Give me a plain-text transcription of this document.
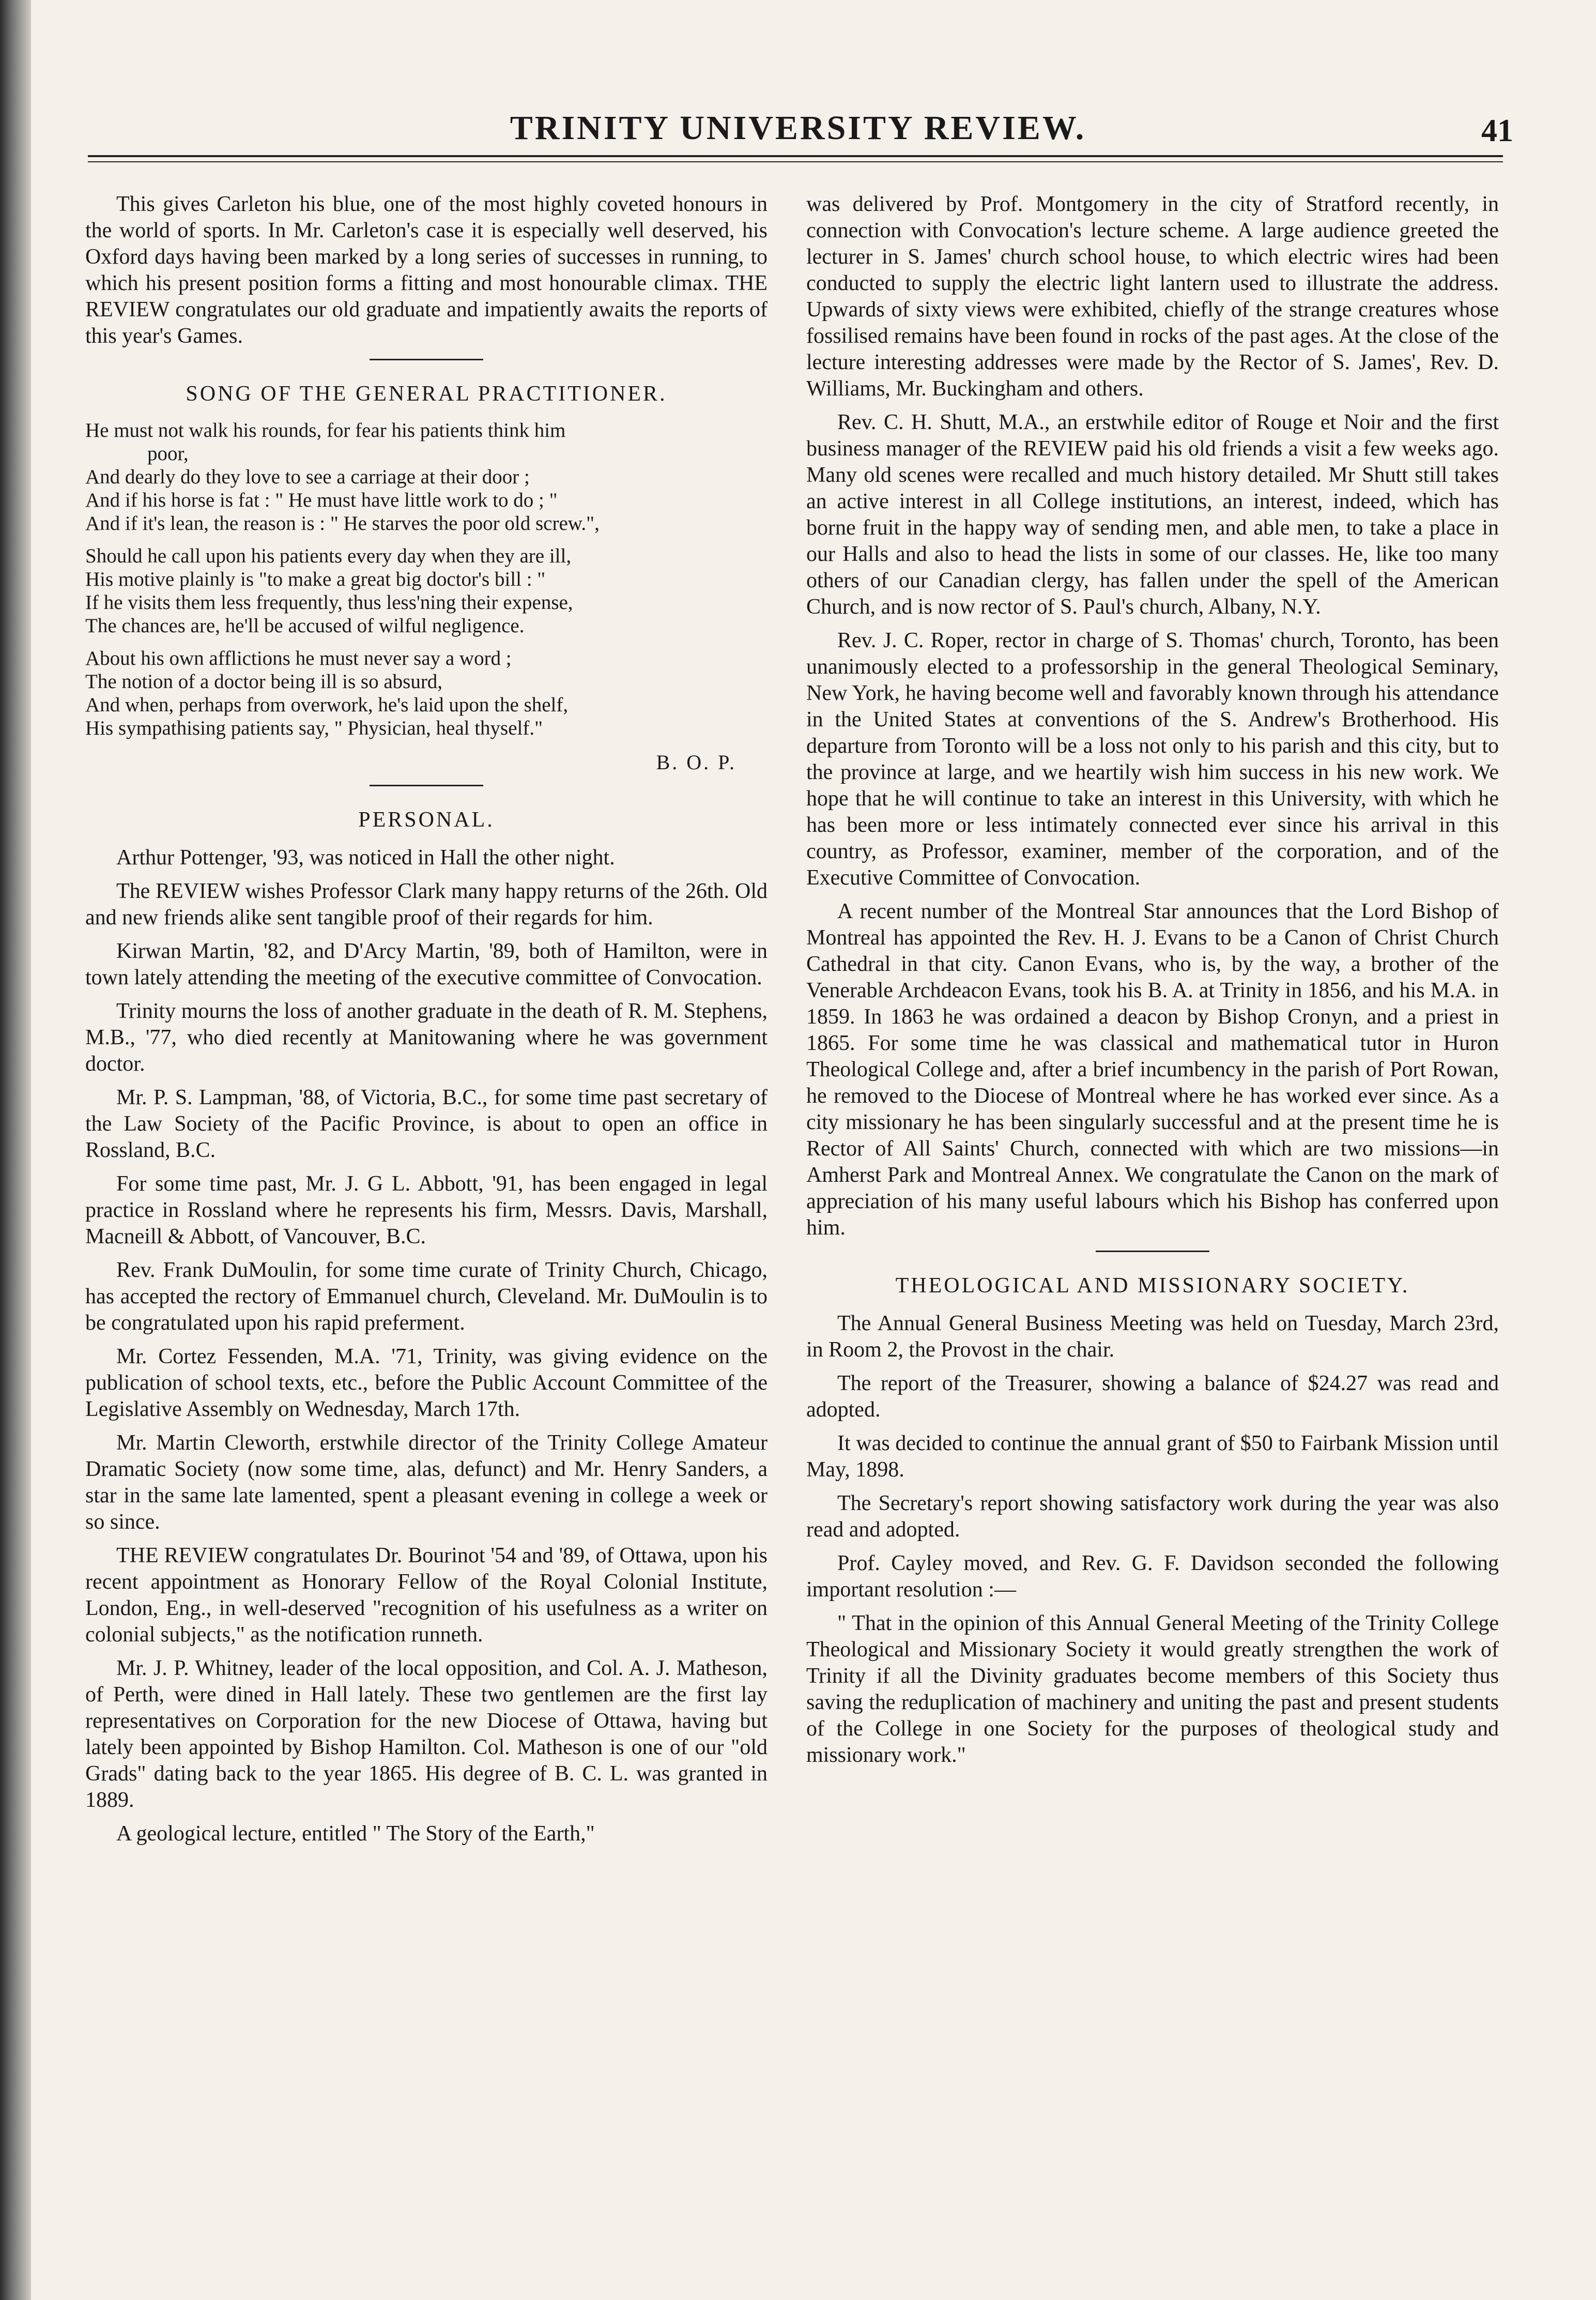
TRINITY UNIVERSITY REVIEW.	41

This gives Carleton his blue, one of the most highly coveted honours in the world of sports. In Mr. Carleton's case it is especially well deserved, his Oxford days having been marked by a long series of successes in running, to which his present position forms a fitting and most honourable climax. THE REVIEW congratulates our old graduate and impatiently awaits the reports of this year's Games.

SONG OF THE GENERAL PRACTITIONER.
He must not walk his rounds, for fear his patients think him
poor,
And dearly do they love to see a carriage at their door ;
And if his horse is fat : " He must have little work to do ; "
And if it's lean, the reason is : " He starves the poor old screw.",
Should he call upon his patients every day when they are ill,
His motive plainly is "to make a great big doctor's bill : "
If he visits them less frequently, thus less'ning their expense,
The chances are, he'll be accused of wilful negligence.
About his own afflictions he must never say a word ;
The notion of a doctor being ill is so absurd,
And when, perhaps from overwork, he's laid upon the shelf,
His sympathising patients say, " Physician, heal thyself."
B. O. P.
PERSONAL.

Arthur Pottenger, '93, was noticed in Hall the other night.

The REVIEW wishes Professor Clark many happy returns of the 26th. Old and new friends alike sent tangible proof of their regards for him.

Kirwan Martin, '82, and D'Arcy Martin, '89, both of Hamilton, were in town lately attending the meeting of the executive committee of Convocation.

Trinity mourns the loss of another graduate in the death of R. M. Stephens, M.B., '77, who died recently at Manitowaning where he was government doctor.

Mr. P. S. Lampman, '88, of Victoria, B.C., for some time past secretary of the Law Society of the Pacific Province, is about to open an office in Rossland, B.C.

For some time past, Mr. J. G L. Abbott, '91, has been engaged in legal practice in Rossland where he represents his firm, Messrs. Davis, Marshall, Macneill & Abbott, of Vancouver, B.C.

Rev. Frank DuMoulin, for some time curate of Trinity Church, Chicago, has accepted the rectory of Emmanuel church, Cleveland. Mr. DuMoulin is to be congratulated upon his rapid preferment.

Mr. Cortez Fessenden, M.A. '71, Trinity, was giving evidence on the publication of school texts, etc., before the Public Account Committee of the Legislative Assembly on Wednesday, March 17th.

Mr. Martin Cleworth, erstwhile director of the Trinity College Amateur Dramatic Society (now some time, alas, defunct) and Mr. Henry Sanders, a star in the same late lamented, spent a pleasant evening in college a week or so since.

THE REVIEW congratulates Dr. Bourinot '54 and '89, of Ottawa, upon his recent appointment as Honorary Fellow of the Royal Colonial Institute, London, Eng., in well-deserved "recognition of his usefulness as a writer on colonial subjects," as the notification runneth.

Mr. J. P. Whitney, leader of the local opposition, and Col. A. J. Matheson, of Perth, were dined in Hall lately. These two gentlemen are the first lay representatives on Corporation for the new Diocese of Ottawa, having but lately been appointed by Bishop Hamilton. Col. Matheson is one of our "old Grads" dating back to the year 1865. His degree of B. C. L. was granted in 1889.

A geological lecture, entitled " The Story of the Earth,"

was delivered by Prof. Montgomery in the city of Stratford recently, in connection with Convocation's lecture scheme. A large audience greeted the lecturer in S. James' church school house, to which electric wires had been conducted to supply the electric light lantern used to illustrate the address. Upwards of sixty views were exhibited, chiefly of the strange creatures whose fossilised remains have been found in rocks of the past ages. At the close of the lecture interesting addresses were made by the Rector of S. James', Rev. D. Williams, Mr. Buckingham and others.

Rev. C. H. Shutt, M.A., an erstwhile editor of Rouge et Noir and the first business manager of the REVIEW paid his old friends a visit a few weeks ago. Many old scenes were recalled and much history detailed. Mr Shutt still takes an active interest in all College institutions, an interest, indeed, which has borne fruit in the happy way of sending men, and able men, to take a place in our Halls and also to head the lists in some of our classes. He, like too many others of our Canadian clergy, has fallen under the spell of the American Church, and is now rector of S. Paul's church, Albany, N.Y.

Rev. J. C. Roper, rector in charge of S. Thomas' church, Toronto, has been unanimously elected to a professorship in the general Theological Seminary, New York, he having become well and favorably known through his attendance in the United States at conventions of the S. Andrew's Brotherhood. His departure from Toronto will be a loss not only to his parish and this city, but to the province at large, and we heartily wish him success in his new work. We hope that he will continue to take an interest in this University, with which he has been more or less intimately connected ever since his arrival in this country, as Professor, examiner, member of the corporation, and of the Executive Committee of Convocation.

A recent number of the Montreal Star announces that the Lord Bishop of Montreal has appointed the Rev. H. J. Evans to be a Canon of Christ Church Cathedral in that city. Canon Evans, who is, by the way, a brother of the Venerable Archdeacon Evans, took his B. A. at Trinity in 1856, and his M.A. in 1859. In 1863 he was ordained a deacon by Bishop Cronyn, and a priest in 1865. For some time he was classical and mathematical tutor in Huron Theological College and, after a brief incumbency in the parish of Port Rowan, he removed to the Diocese of Montreal where he has worked ever since. As a city missionary he has been singularly successful and at the present time he is Rector of All Saints' Church, connected with which are two missions—in Amherst Park and Montreal Annex. We congratulate the Canon on the mark of appreciation of his many useful labours which his Bishop has conferred upon him.

THEOLOGICAL AND MISSIONARY SOCIETY.

The Annual General Business Meeting was held on Tuesday, March 23rd, in Room 2, the Provost in the chair.

The report of the Treasurer, showing a balance of $24.27 was read and adopted.

It was decided to continue the annual grant of $50 to Fairbank Mission until May, 1898.

The Secretary's report showing satisfactory work during the year was also read and adopted.

Prof. Cayley moved, and Rev. G. F. Davidson seconded the following important resolution :—

" That in the opinion of this Annual General Meeting of the Trinity College Theological and Missionary Society it would greatly strengthen the work of Trinity if all the Divinity graduates become members of this Society thus saving the reduplication of machinery and uniting the past and present students of the College in one Society for the purposes of theological study and missionary work."
